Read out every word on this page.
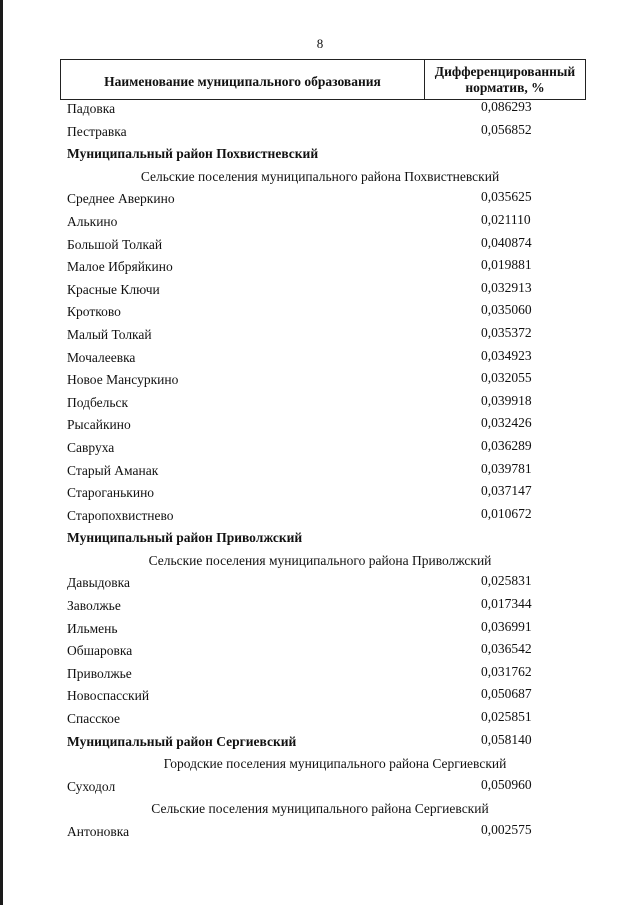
8
Наименование муниципального образования
Дифференцированный
норматив, %
Падовка	0,086293
Пестравка	0,056852
Муниципальный район Похвистневский
Сельские поселения муниципального района Похвистневский
Среднее Аверкино	0,035625
Алькино	0,021110
Большой Толкай	0,040874
Малое Ибряйкино	0,019881
Красные Ключи	0,032913
Кротково	0,035060
Малый Толкай	0,035372
Мочалеевка	0,034923
Новое Мансуркино	0,032055
Подбельск	0,039918
Рысайкино	0,032426
Савруха	0,036289
Старый Аманак	0,039781
Староганькино	0,037147
Старопохвистнево	0,010672
Муниципальный район Приволжский
Сельские поселения муниципального района Приволжский
Давыдовка	0,025831
Заволжье	0,017344
Ильмень	0,036991
Обшаровка	0,036542
Приволжье	0,031762
Новоспасский	0,050687
Спасское	0,025851
Муниципальный район Сергиевский	0,058140
Городские поселения муниципального района Сергиевский
Суходол	0,050960
Сельские поселения муниципального района Сергиевский
Антоновка	0,002575
